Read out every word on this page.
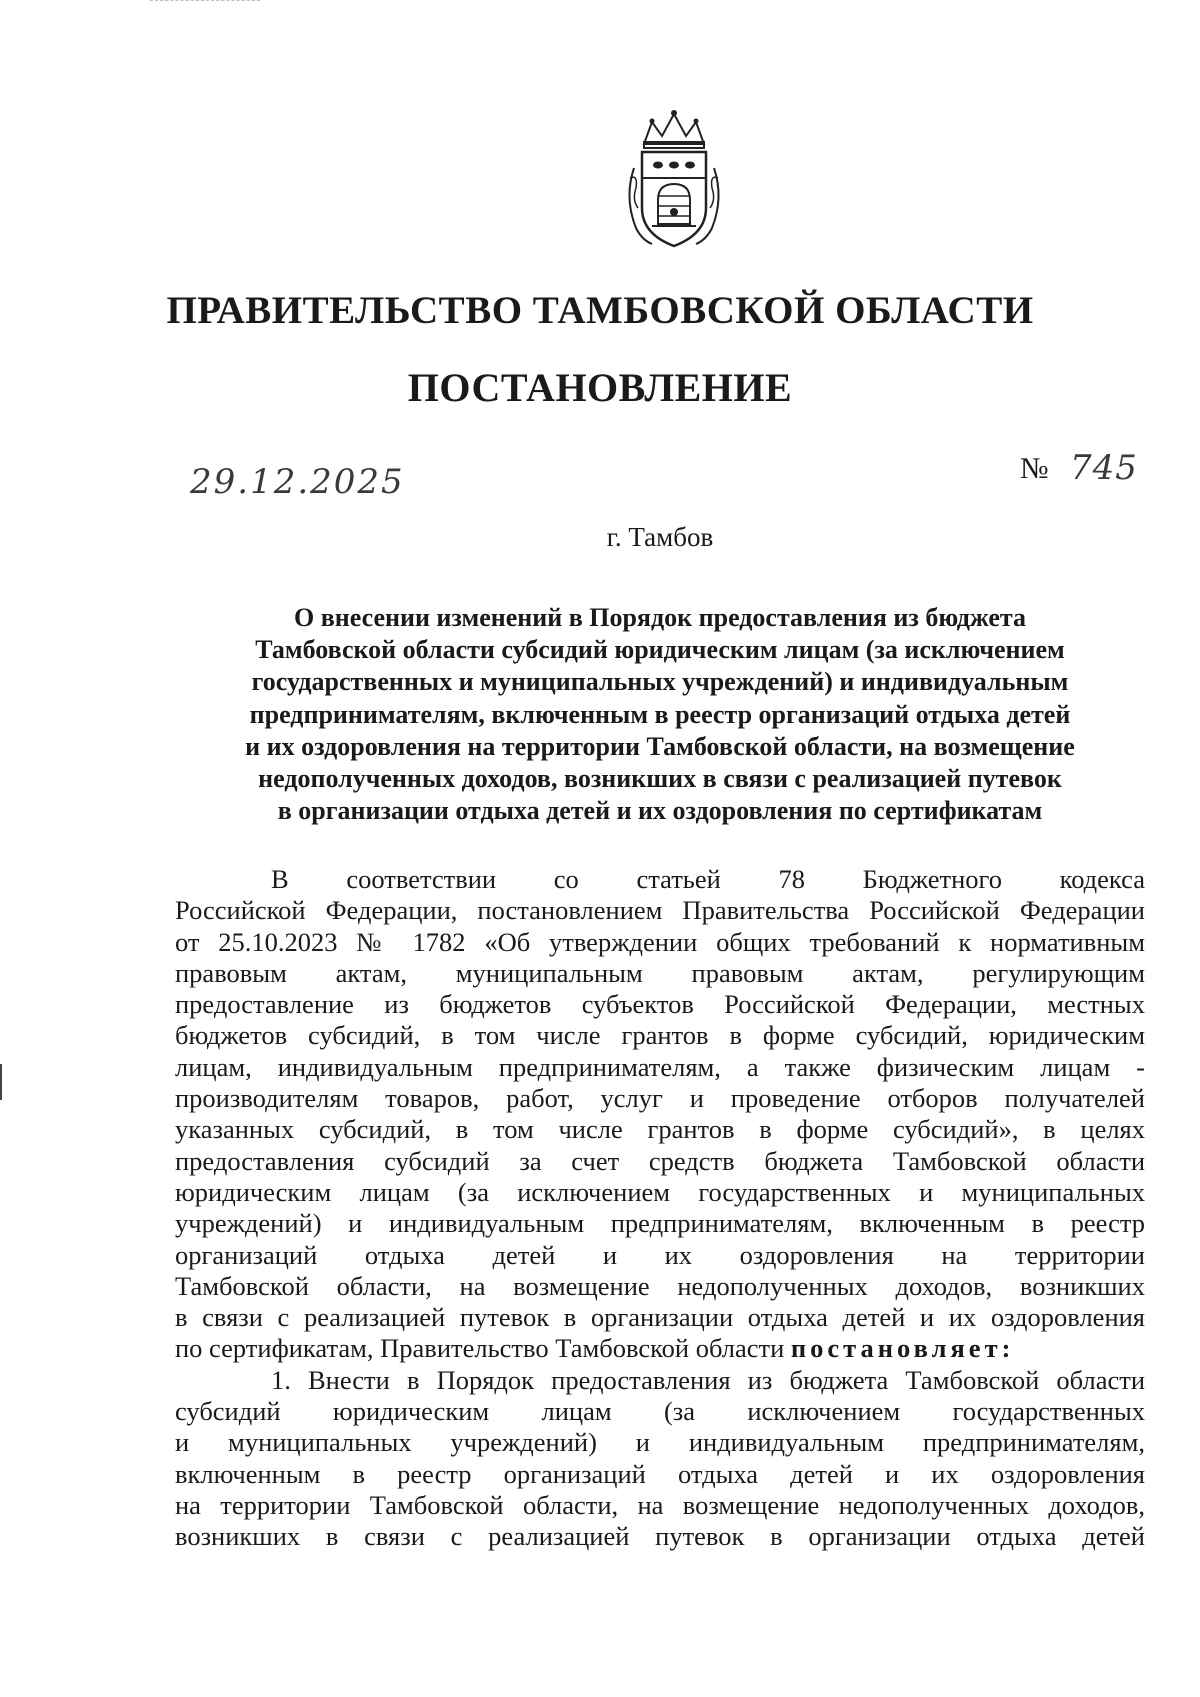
ПРАВИТЕЛЬСТВО ТАМБОВСКОЙ ОБЛАСТИ
ПОСТАНОВЛЕНИЕ
29.12.2025	№ 745
г. Тамбов
О внесении изменений в Порядок предоставления из бюджета
Тамбовской области субсидий юридическим лицам (за исключением
государственных и муниципальных учреждений) и индивидуальным
предпринимателям, включенным в реестр организаций отдыха детей
и их оздоровления на территории Тамбовской области, на возмещение
недополученных доходов, возникших в связи с реализацией путевок
в организации отдыха детей и их оздоровления по сертификатам
В соответствии со статьей 78 Бюджетного кодекса
Российской Федерации, постановлением Правительства Российской Федерации
от 25.10.2023 № 1782 «Об утверждении общих требований к нормативным
правовым актам, муниципальным правовым актам, регулирующим
предоставление из бюджетов субъектов Российской Федерации, местных
бюджетов субсидий, в том числе грантов в форме субсидий, юридическим
лицам, индивидуальным предпринимателям, а также физическим лицам -
производителям товаров, работ, услуг и проведение отборов получателей
указанных субсидий, в том числе грантов в форме субсидий», в целях
предоставления субсидий за счет средств бюджета Тамбовской области
юридическим лицам (за исключением государственных и муниципальных
учреждений) и индивидуальным предпринимателям, включенным в реестр
организаций отдыха детей и их оздоровления на территории
Тамбовской области, на возмещение недополученных доходов, возникших
в связи с реализацией путевок в организации отдыха детей и их оздоровления
по сертификатам, Правительство Тамбовской области постановляет:
1. Внести в Порядок предоставления из бюджета Тамбовской области
субсидий юридическим лицам (за исключением государственных
и муниципальных учреждений) и индивидуальным предпринимателям,
включенным в реестр организаций отдыха детей и их оздоровления
на территории Тамбовской области, на возмещение недополученных доходов,
возникших в связи с реализацией путевок в организации отдыха детей
